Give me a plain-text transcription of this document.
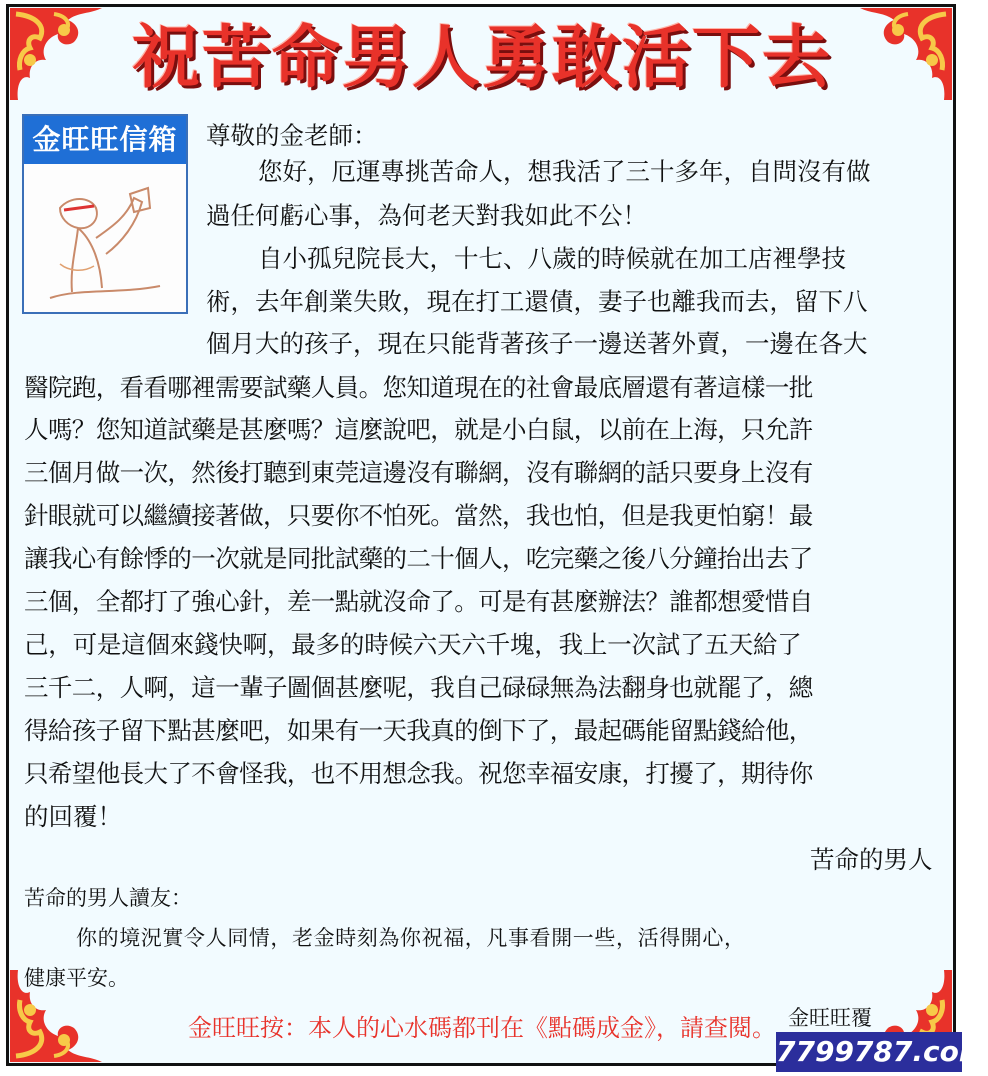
祝苦命男人勇敢活下去
金旺旺信箱	尊敬的金老師：
您好，厄運專挑苦命人，想我活了三十多年，自問沒有做
過任何虧心事，為何老天對我如此不公！
自小孤兒院長大，十七、八歲的時候就在加工店裡學技
術，去年創業失敗，現在打工還債，妻子也離我而去，留下八
個月大的孩子，現在只能背著孩子一邊送著外賣，一邊在各大
醫院跑，看看哪裡需要試藥人員。您知道現在的社會最底層還有著這樣一批
人嗎？您知道試藥是甚麼嗎？這麼說吧，就是小白鼠，以前在上海，只允許
三個月做一次，然後打聽到東莞這邊沒有聯網，沒有聯網的話只要身上沒有
針眼就可以繼續接著做，只要你不怕死。當然，我也怕，但是我更怕窮！最
讓我心有餘悸的一次就是同批試藥的二十個人，吃完藥之後八分鐘抬出去了
三個，全都打了強心針，差一點就沒命了。可是有甚麼辦法？誰都想愛惜自
己，可是這個來錢快啊，最多的時候六天六千塊，我上一次試了五天給了
三千二，人啊，這一輩子圖個甚麼呢，我自己碌碌無為法翻身也就罷了，總
得給孩子留下點甚麼吧，如果有一天我真的倒下了，最起碼能留點錢給他，
只希望他長大了不會怪我，也不用想念我。祝您幸福安康，打擾了，期待你
的回覆！
苦命的男人
苦命的男人讀友：
你的境況實令人同情，老金時刻為你祝福，凡事看開一些，活得開心，
健康平安。
金旺旺覆
金旺旺按：本人的心水碼都刊在《點碼成金》，請查閱。
7799787.com
